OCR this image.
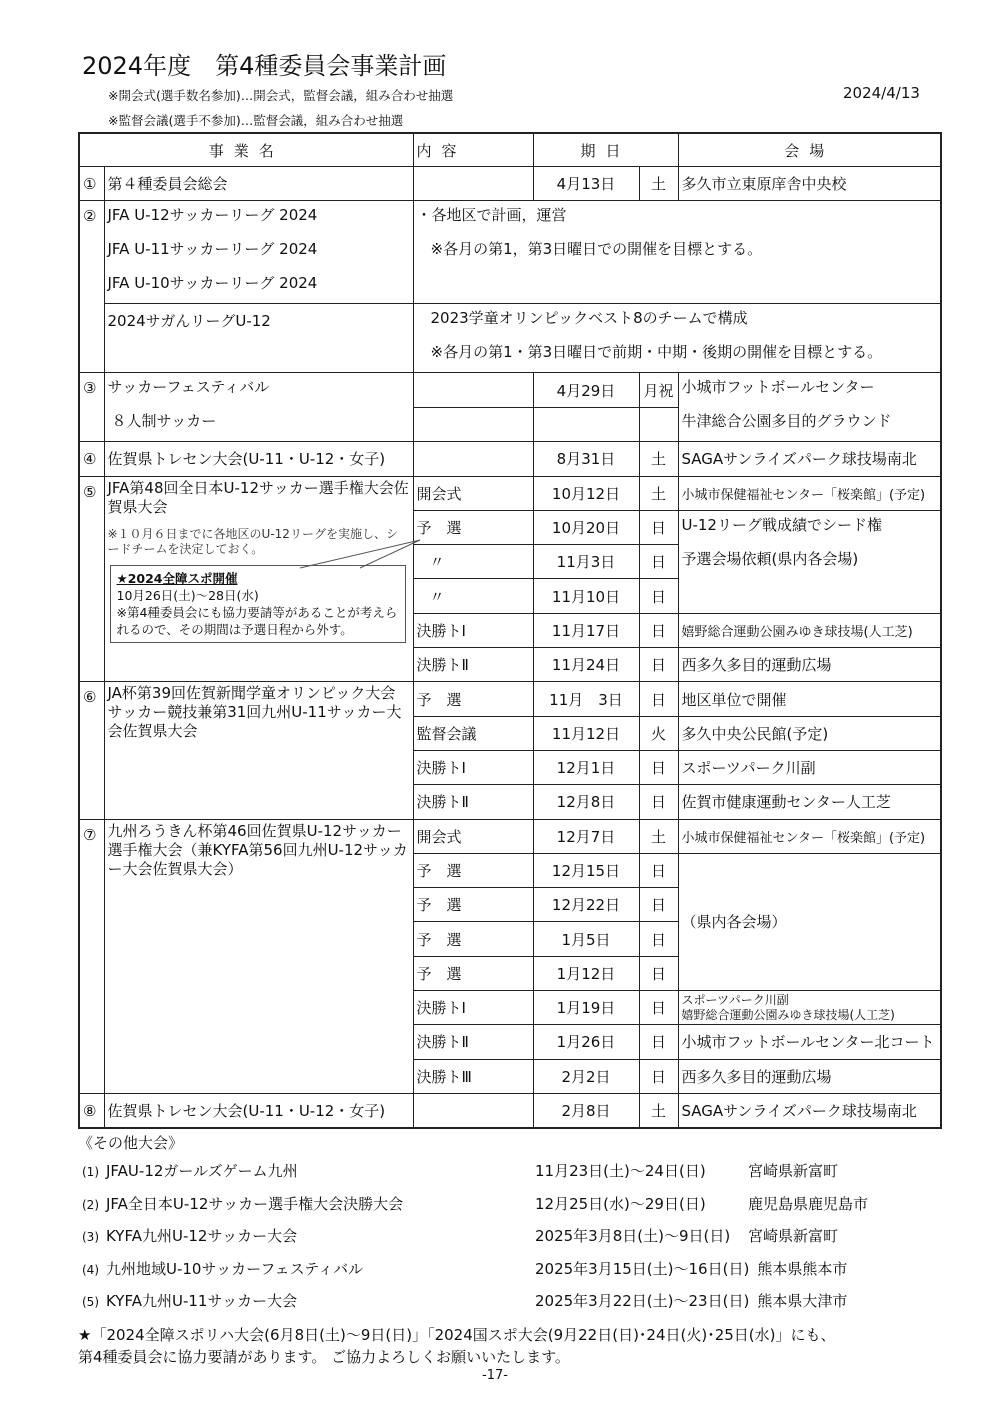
2024年度　第4種委員会事業計画
※開会式(選手数名参加)…開会式，監督会議，組み合わせ抽選
※監督会議(選手不参加)…監督会議，組み合わせ抽選
2024/4/13
事業名		内容	期日		会場
①	第４種委員会総会		4月13日	土	多久市立東原庠舎中央校
②	JFA U-12サッカーリーグ 2024
JFA U-11サッカーリーグ 2024
JFA U-10サッカーリーグ 2024	・各地区で計画，運営
※各月の第1，第3日曜日での開催を目標とする。			

	2024サガんリーグU-12	2023学童オリンピックベスト8のチームで構成
※各月の第1・第3日曜日で前期・中期・後期の開催を目標とする。			

③	サッカーフェスティバル
８人制サッカー		4月29日	月祝	小城市フットボールセンター
牛津総合公園多目的グラウンド

④	佐賀県トレセン大会(U-11・U-12・女子)		8月31日	土	SAGAサンライズパーク球技場南北
⑤	JFA第48回全日本U-12サッカー選手権大会佐賀県大会
※１０月６日までに各地区のU-12リーグを実施し、シードチームを決定しておく。
★2024全障スポ開催
10月26日(土)～28日(水)
※第4種委員会にも協力要請等があることが考えられるので、その期間は予選日程から外す。	開会式	10月12日	土	小城市保健福祉センター「桜楽館」(予定)
		予　選	10月20日	日	U-12リーグ戦成績でシード権
予選会場依頼(県内各会場)

		〃	11月3日	日	
		〃	11月10日	日	
		決勝トⅠ	11月17日	日	嬉野総合運動公園みゆき球技場(人工芝)
		決勝トⅡ	11月24日	日	西多久多目的運動広場
⑥	JA杯第39回佐賀新聞学童オリンピック大会サッカー競技兼第31回九州U-11サッカー大会佐賀県大会	予　選	11月　3日	日	地区単位で開催
		監督会議	11月12日	火	多久中央公民館(予定)
		決勝トⅠ	12月1日	日	スポーツパーク川副
		決勝トⅡ	12月8日	日	佐賀市健康運動センター人工芝
⑦	九州ろうきん杯第46回佐賀県U-12サッカー選手権大会（兼KYFA第56回九州U-12サッカー大会佐賀県大会）	開会式	12月7日	土	小城市保健福祉センター「桜楽館」(予定)
		予　選	12月15日	日	（県内各会場）
		予　選	12月22日	日	
		予　選	1月5日	日	
		予　選	1月12日	日	
		決勝トⅠ	1月19日	日	スポーツパーク川副
嬉野総合運動公園みゆき球技場(人工芝)

		決勝トⅡ	1月26日	日	小城市フットボールセンター北コート
		決勝トⅢ	2月2日	日	西多久多目的運動広場
⑧	佐賀県トレセン大会(U-11・U-12・女子)		2月8日	土	SAGAサンライズパーク球技場南北
《その他大会》
(1) JFAU-12ガールズゲーム九州	11月23日(土)～24日(日)	宮崎県新富町
(2) JFA全日本U-12サッカー選手権大会決勝大会	12月25日(水)～29日(日)	鹿児島県鹿児島市
(3) KYFA九州U-12サッカー大会	2025年3月8日(土)～9日(日)	宮崎県新富町
(4) 九州地域U-10サッカーフェスティバル	2025年3月15日(土)～16日(日) 熊本県熊本市
(5) KYFA九州U-11サッカー大会	2025年3月22日(土)～23日(日) 熊本県大津市
★「2024全障スポリハ大会(6月8日(土)～9日(日)」「2024国スポ大会(9月22日(日)･24日(火)･25日(水)」にも、
第4種委員会に協力要請があります。 ご協力よろしくお願いいたします。
-17-
